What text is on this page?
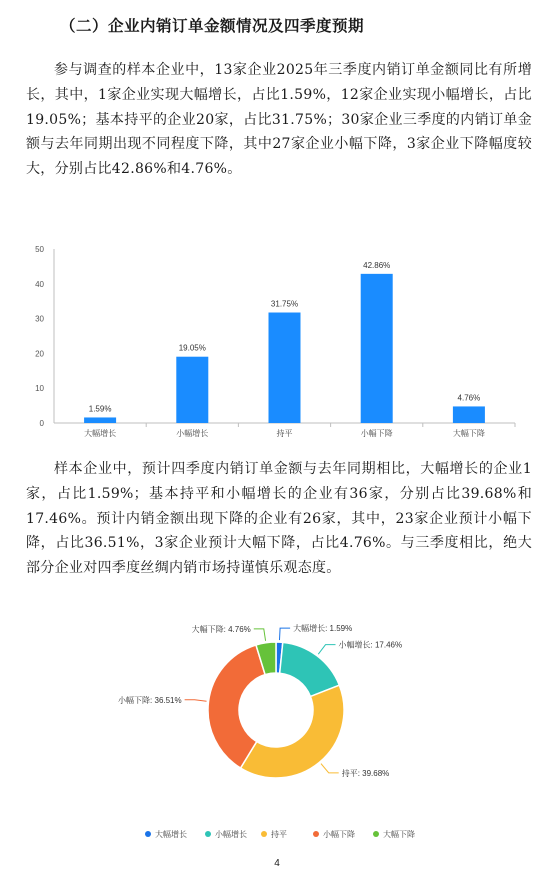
（二）企业内销订单金额情况及四季度预期

参与调查的样本企业中，13家企业2025年三季度内销订单金额同比有所增长，其中，1家企业实现大幅增长，占比1.59%，12家企业实现小幅增长，占比19.05%；基本持平的企业20家，占比31.75%；30家企业三季度的内销订单金额与去年同期出现不同程度下降，其中27家企业小幅下降，3家企业下降幅度较大，分别占比42.86%和4.76%。

0
10
20
30
40
50
1.59%
大幅增长
19.05%
小幅增长
31.75%
持平
42.86%
小幅下降
4.76%
大幅下降

样本企业中，预计四季度内销订单金额与去年同期相比，大幅增长的企业1家，占比1.59%；基本持平和小幅增长的企业有36家，分别占比39.68%和17.46%。预计内销金额出现下降的企业有26家，其中，23家企业预计小幅下降，占比36.51%，3家企业预计大幅下降，占比4.76%。与三季度相比，绝大部分企业对四季度丝绸内销市场持谨慎乐观态度。

大幅增长: 1.59%
小幅增长: 17.46%
持平: 39.68%
小幅下降: 36.51%
大幅下降: 4.76%
大幅增长	小幅增长	持平	小幅下降	大幅下降
4
